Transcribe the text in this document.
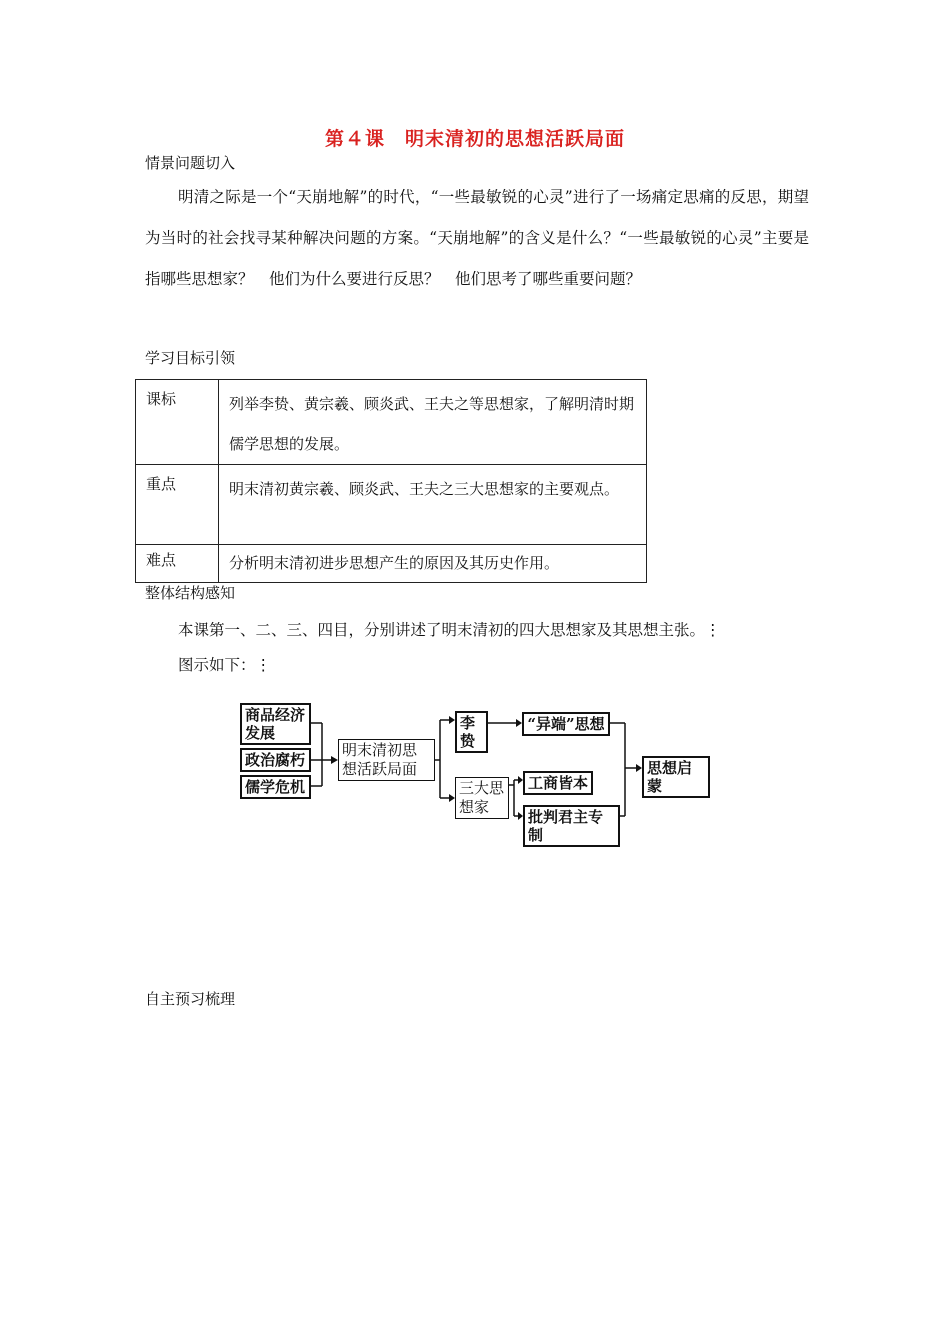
第４课　明末清初的思想活跃局面
情景问题切入
明清之际是一个“天崩地解”的时代，“一些最敏锐的心灵”进行了一场痛定思痛的反思，期望为当时的社会找寻某种解决问题的方案。“天崩地解”的含义是什么？“一些最敏锐的心灵”主要是指哪些思想家？　他们为什么要进行反思？　他们思考了哪些重要问题？
学习目标引领
课标	列举李贽、黄宗羲、顾炎武、王夫之等思想家，了解明清时期儒学思想的发展。
重点	明末清初黄宗羲、顾炎武、王夫之三大思想家的主要观点。
难点	分析明末清初进步思想产生的原因及其历史作用。
整体结构感知
本课第一、二、三、四目，分别讲述了明末清初的四大思想家及其思想主张。⋮
图示如下：⋮
商品经济发展
政治腐朽
儒学危机
明末清初思想活跃局面
李贽
三大思想家
“异端”思想
工商皆本
批判君主专制
思想启蒙
自主预习梳理
